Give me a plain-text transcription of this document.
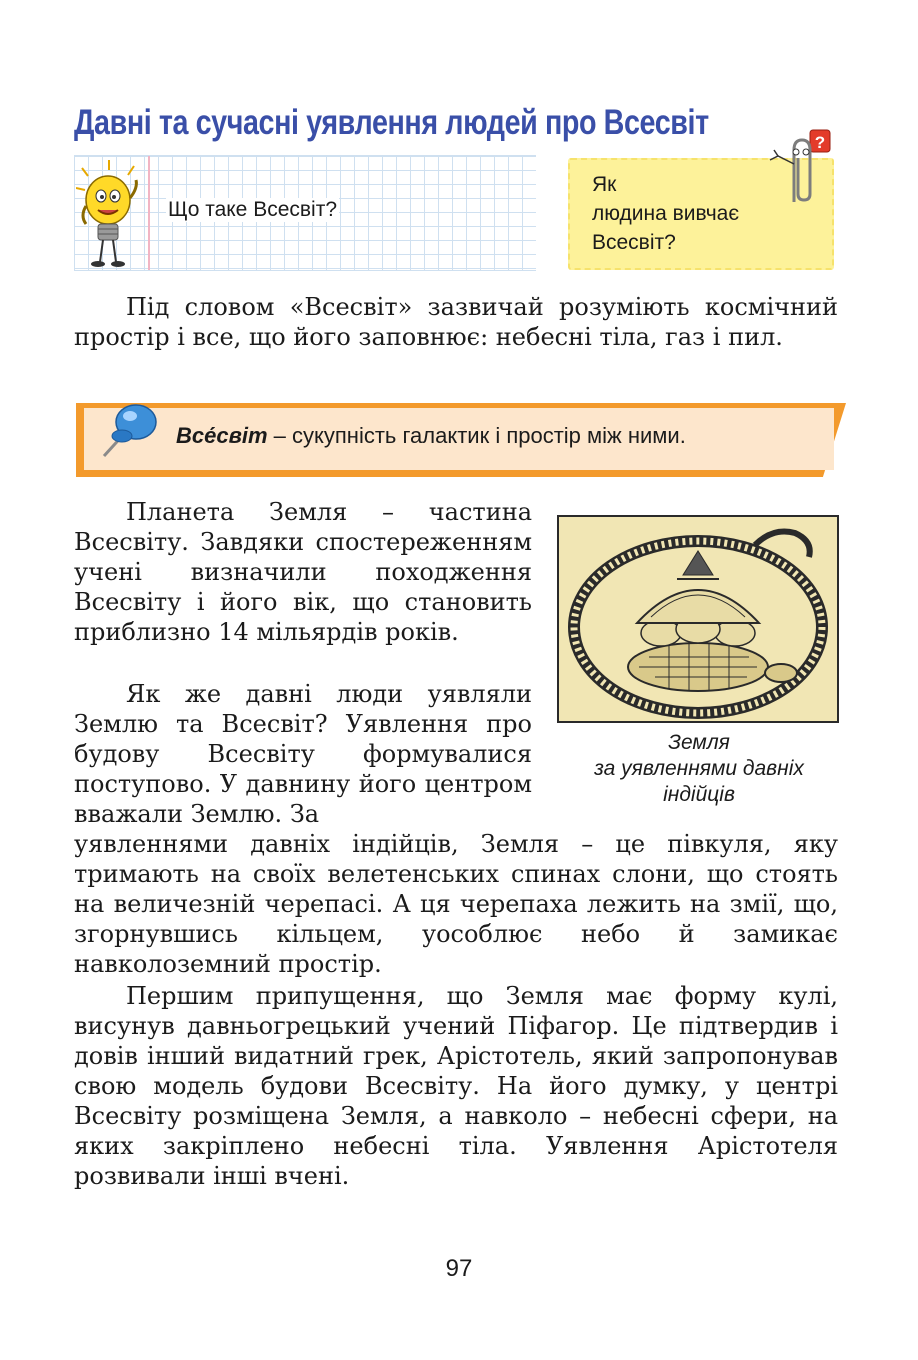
Давні та сучасні уявлення людей про Всесвіт
Що таке Всесвіт?
Як
людина вивчає
Всесвіт?
?

Під словом «Всесвіт» зазвичай розуміють космічний простір і все, що його заповнює: небесні тіла, газ і пил.

Все́світ – сукупність галактик і простір між ними.

Планета Земля – частина Всесвіту. Завдяки спостереженням учені визначили походження Всесвіту і його вік, що становить приблизно 14 мільярдів років.

Як же давні люди уявляли Землю та Всесвіт? Уявлення про будову Всесвіту формувалися поступово. У давнину його центром вважали Землю. За

уявленнями давніх індійців, Земля – це півкуля, яку тримають на своїх велетенських спинах слони, що стоять на величезній черепасі. А ця черепаха лежить на змії, що, згорнувшись кільцем, уособлює небо й замикає навколоземний простір.

Земля
за уявленнями давніх
індійців

Першим припущення, що Земля має форму кулі, висунув давньогрецький учений Піфагор. Це підтвердив і довів інший видатний грек, Арістотель, який запропонував свою модель будови Всесвіту. На його думку, у центрі Всесвіту розміщена Земля, а навколо – небесні сфери, на яких закріплено небесні тіла. Уявлення Арістотеля розвивали інші вчені.

97
